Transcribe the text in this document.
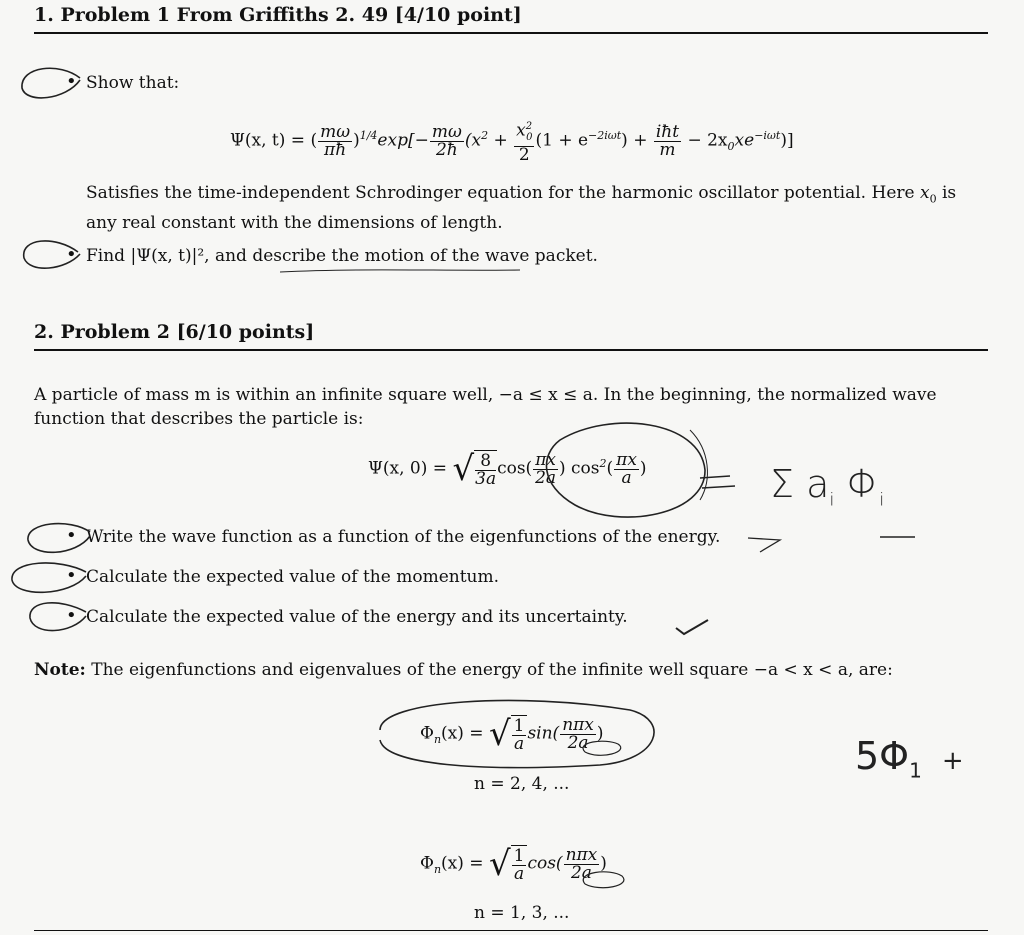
1. Problem 1 From Griffiths 2. 49 [4/10 point]
• Show that:
Ψ(x, t) = ( $\frac{m\omega}{\pi ħ} )^{1/4}\exp[- \frac{m\omega}{2ħ} (x^2 + \frac{x^2_0}{2} (1 + e^{-2i\omega t}) + \frac{\text{iħt}}{m} - 2x_0xe^{-i\omega t})]$
Satisfies the time-independent Schrodinger equation for the harmonic oscillator potential. Here $x_0$ is
any real constant with the dimensions of length.
• Find |Ψ(x, t)|², and describe the motion of the wave packet.
2. Problem 2 [6/10 points]
A particle of mass m is within an infinite square well, −a ≤ x ≤ a. In the beginning, the normalized wave
function that describes the particle is:
Ψ(x, 0) = √ $\frac{8}{3a} \cos( \frac{\pi x}{2a}$ ) $\cos^2( \frac{\pi x}{a}$ )
• Write the wave function as a function of the eigenfunctions of the energy.
• Calculate the expected value of the momentum.
• Calculate the expected value of the energy and its uncertainty.
Note: The eigenfunctions and eigenvalues of the energy of the infinite well square −a < x < a, are:
$\Phi_n(x)$ = √ $\frac{1}{a} \sin( \frac{\text{nπx}}{2a}$ )
n = 2, 4, ...
$\Phi_n(x)$ = √ $\frac{1}{a} \cos( \frac{\text{nπx}}{2a}$ )
n = 1, 3, ...
Σ $a_i$ $\Phi_i$
$5\Phi_1$ +
